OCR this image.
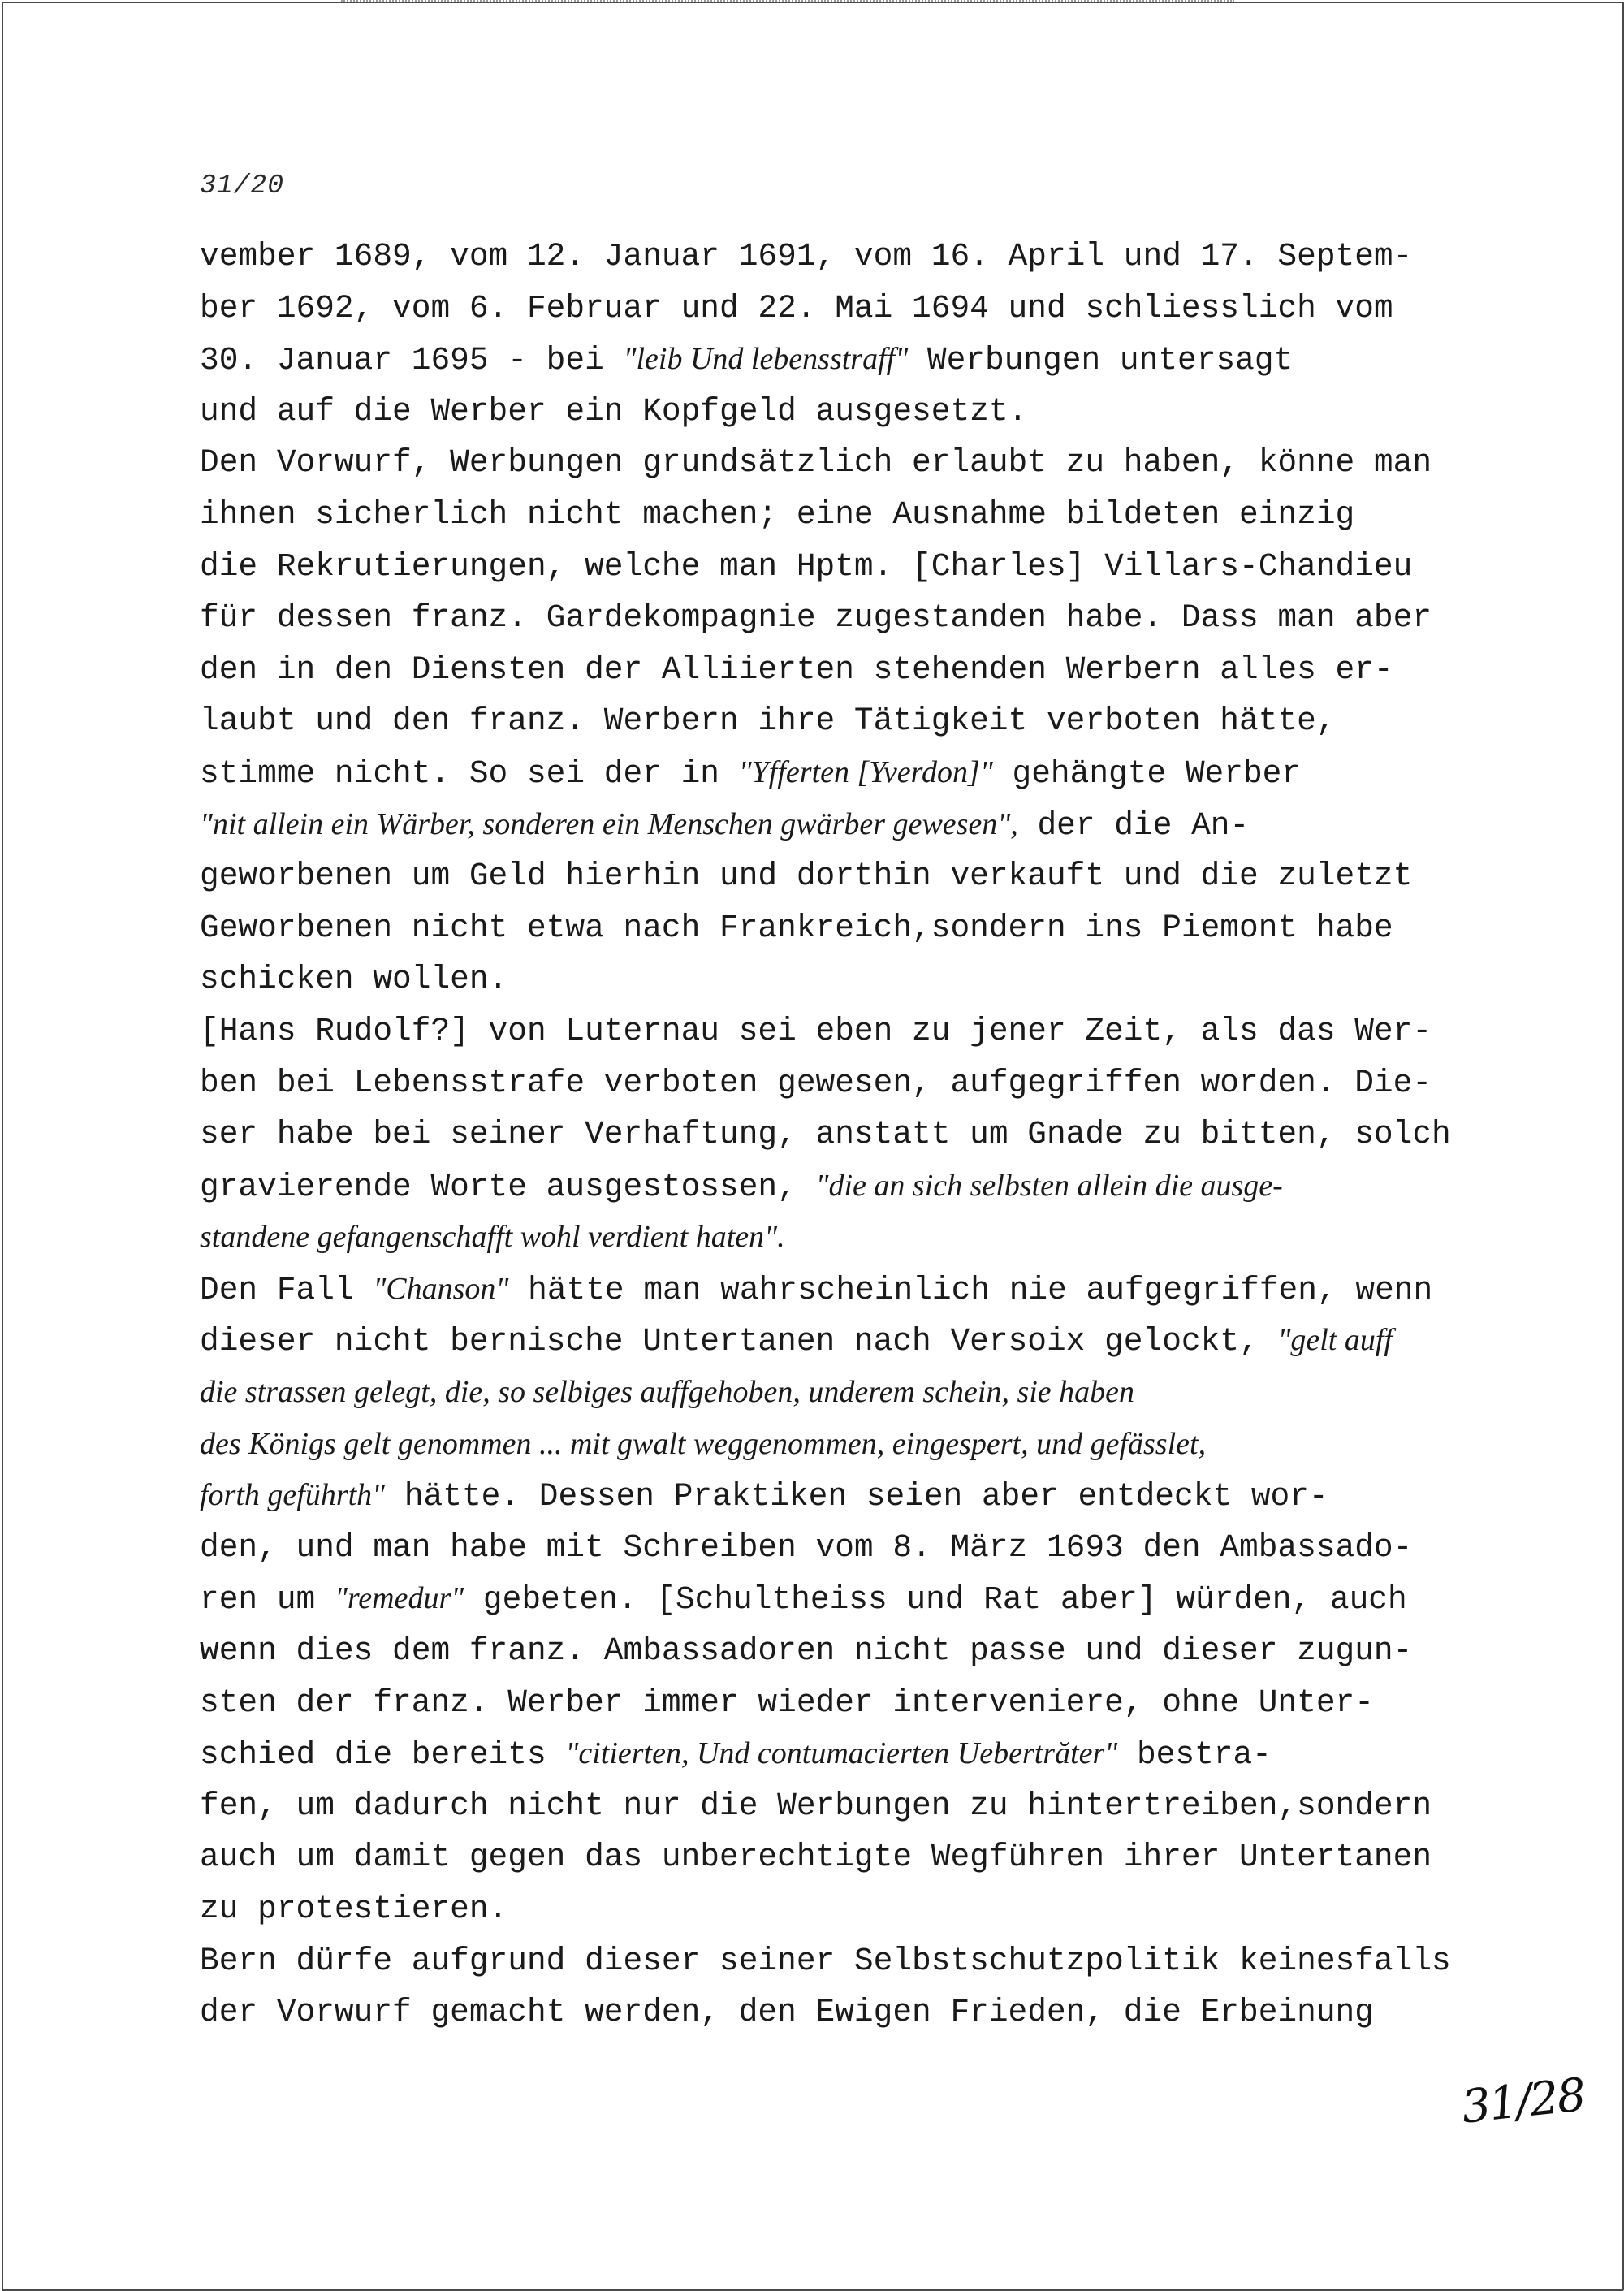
31/20
vember 1689, vom 12. Januar 1691, vom 16. April und 17. Septem-
ber 1692, vom 6. Februar und 22. Mai 1694 und schliesslich vom
30. Januar 1695 - bei "leib Und lebensstraff" Werbungen untersagt
und auf die Werber ein Kopfgeld ausgesetzt.
Den Vorwurf, Werbungen grundsätzlich erlaubt zu haben, könne man
ihnen sicherlich nicht machen; eine Ausnahme bildeten einzig
die Rekrutierungen, welche man Hptm. [Charles] Villars-Chandieu
für dessen franz. Gardekompagnie zugestanden habe. Dass man aber
den in den Diensten der Alliierten stehenden Werbern alles er-
laubt und den franz. Werbern ihre Tätigkeit verboten hätte,
stimme nicht. So sei der in "Yfferten [Yverdon]" gehängte Werber
"nit allein ein Wärber, sonderen ein Menschen gwärber gewesen", der die An-
geworbenen um Geld hierhin und dorthin verkauft und die zuletzt
Geworbenen nicht etwa nach Frankreich,sondern ins Piemont habe
schicken wollen.
[Hans Rudolf?] von Luternau sei eben zu jener Zeit, als das Wer-
ben bei Lebensstrafe verboten gewesen, aufgegriffen worden. Die-
ser habe bei seiner Verhaftung, anstatt um Gnade zu bitten, solch
gravierende Worte ausgestossen, "die an sich selbsten allein die ausge-
standene gefangenschafft wohl verdient haten".
Den Fall "Chanson" hätte man wahrscheinlich nie aufgegriffen, wenn
dieser nicht bernische Untertanen nach Versoix gelockt, "gelt auff
die strassen gelegt, die, so selbiges auffgehoben, underem schein, sie haben
des Königs gelt genommen ... mit gwalt weggenommen, eingespert, und gefässlet,
forth geführth" hätte. Dessen Praktiken seien aber entdeckt wor-
den, und man habe mit Schreiben vom 8. März 1693 den Ambassado-
ren um "remedur" gebeten. [Schultheiss und Rat aber] würden, auch
wenn dies dem franz. Ambassadoren nicht passe und dieser zugun-
sten der franz. Werber immer wieder interveniere, ohne Unter-
schied die bereits "citierten, Und contumacierten Uebertrăter" bestra-
fen, um dadurch nicht nur die Werbungen zu hintertreiben,sondern
auch um damit gegen das unberechtigte Wegführen ihrer Untertanen
zu protestieren.
Bern dürfe aufgrund dieser seiner Selbstschutzpolitik keinesfalls
der Vorwurf gemacht werden, den Ewigen Frieden, die Erbeinung
31/28
